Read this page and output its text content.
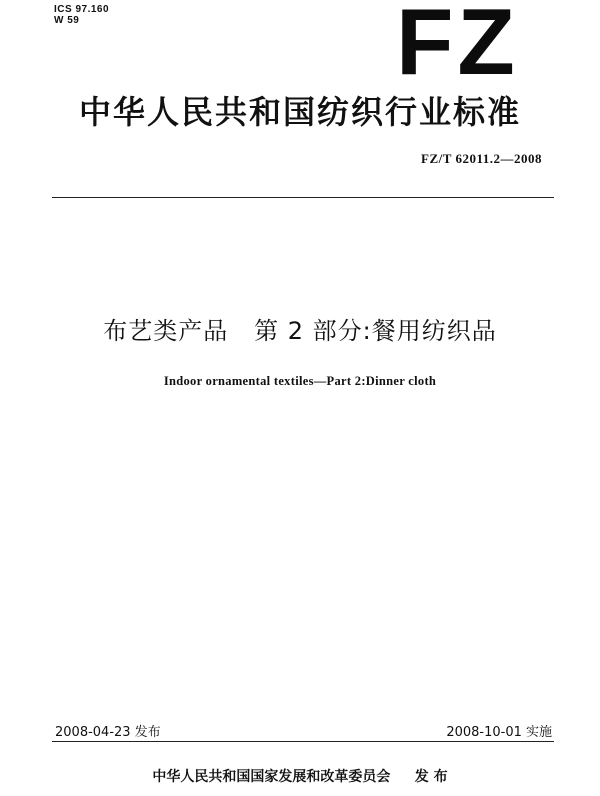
ICS 97.160
W 59	FZ
中华人民共和国纺织行业标准
FZ/T 62011.2—2008
布艺类产品   第 2 部分:餐用纺织品
Indoor ornamental textiles—Part 2:Dinner cloth
2008-04-23 发布	2008-10-01 实施
中华人民共和国国家发展和改革委员会     发 布
